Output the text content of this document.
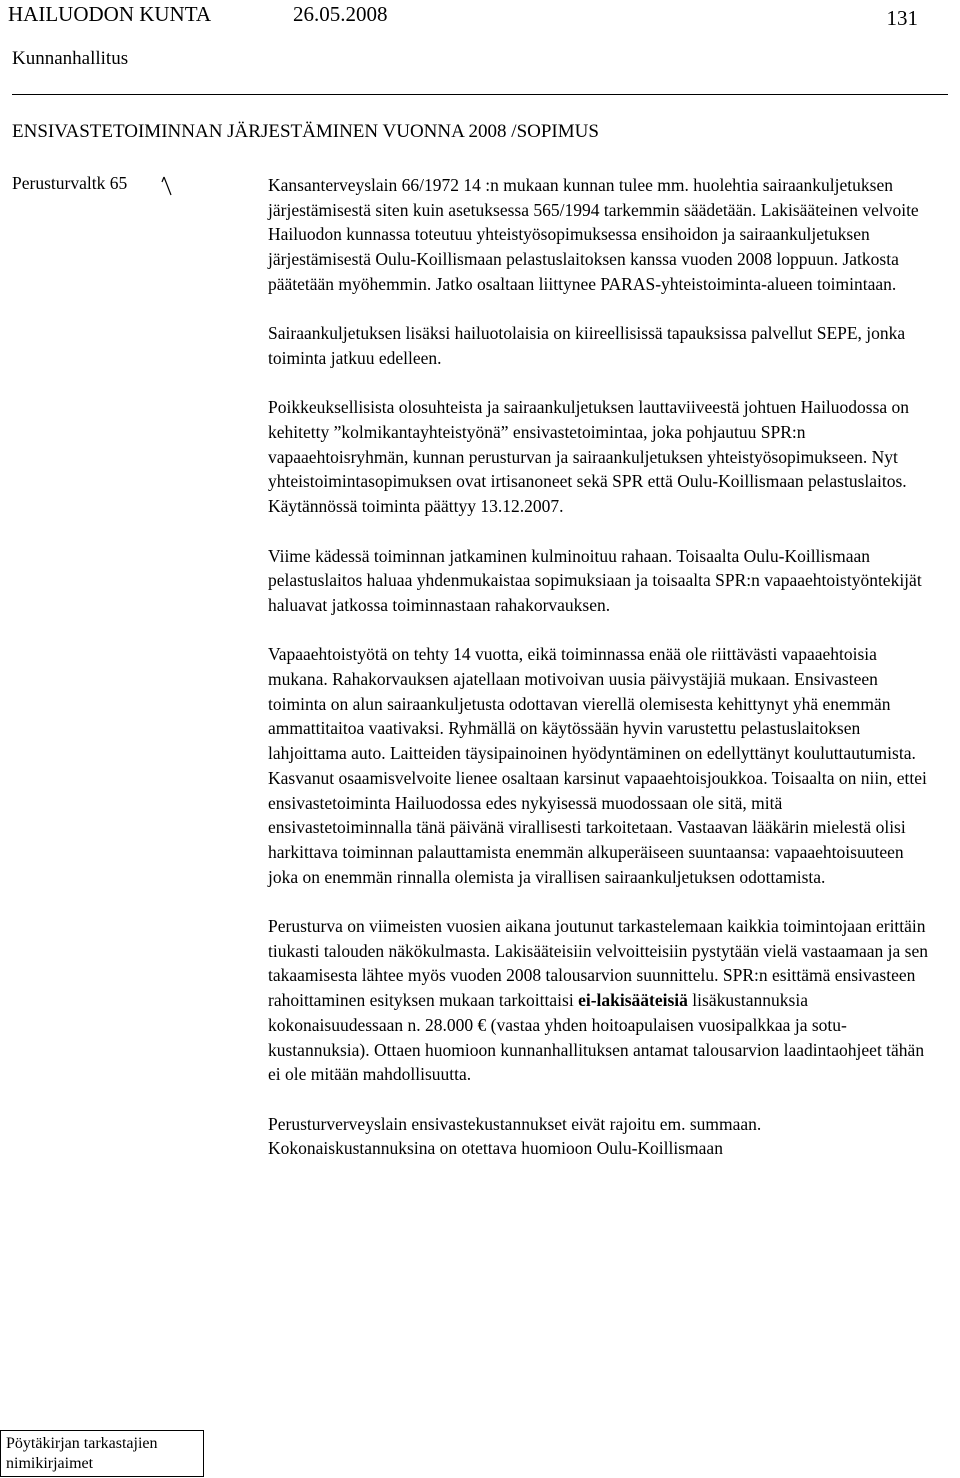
HAILUODON KUNTA	26.05.2008	131
Kunnanhallitus
ENSIVASTETOIMINNAN JÄRJESTÄMINEN VUONNA 2008 /SOPIMUS
Perusturvaltk 65	Kansanterveyslain 66/1972 14 :n mukaan kunnan tulee mm. huolehtia sairaankuljetuksen järjestämisestä siten kuin asetuksessa 565/1994 tarkemmin säädetään. Lakisääteinen velvoite Hailuodon kunnassa toteutuu yhteistyösopimuksessa ensihoidon ja sairaankuljetuksen järjestämisestä Oulu-Koillismaan pelastuslaitoksen kanssa vuoden 2008 loppuun. Jatkosta päätetään myöhemmin. Jatko osaltaan liittynee PARAS-yhteistoiminta-alueen toimintaan.

Sairaankuljetuksen lisäksi hailuotolaisia on kiireellisissä tapauksissa palvellut SEPE, jonka toiminta jatkuu edelleen.

Poikkeuksellisista olosuhteista ja sairaankuljetuksen lauttaviiveestä johtuen Hailuodossa on kehitetty ”kolmikantayhteistyönä” ensivastetoimintaa, joka pohjautuu SPR:n vapaaehtoisryhmän, kunnan perusturvan ja sairaankuljetuksen yhteistyösopimukseen. Nyt yhteistoimintasopimuksen ovat irtisanoneet sekä SPR että Oulu-Koillismaan pelastuslaitos. Käytännössä toiminta päättyy 13.12.2007.

Viime kädessä toiminnan jatkaminen kulminoituu rahaan. Toisaalta Oulu-Koillismaan pelastuslaitos haluaa yhdenmukaistaa sopimuksiaan ja toisaalta SPR:n vapaaehtoistyöntekijät haluavat jatkossa toiminnastaan rahakorvauksen.

Vapaaehtoistyötä on tehty 14 vuotta, eikä toiminnassa enää ole riittävästi vapaaehtoisia mukana. Rahakorvauksen ajatellaan motivoivan uusia päivystäjiä mukaan. Ensivasteen toiminta on alun sairaankuljetusta odottavan vierellä olemisesta kehittynyt yhä enemmän ammattitaitoa vaativaksi. Ryhmällä on käytössään hyvin varustettu pelastuslaitoksen lahjoittama auto. Laitteiden täysipainoinen hyödyntäminen on edellyttänyt kouluttautumista. Kasvanut osaamisvelvoite lienee osaltaan karsinut vapaaehtoisjoukkoa. Toisaalta on niin, ettei ensivastetoiminta Hailuodossa edes nykyisessä muodossaan ole sitä, mitä ensivastetoiminnalla tänä päivänä virallisesti tarkoitetaan. Vastaavan lääkärin mielestä olisi harkittava toiminnan palauttamista enemmän alkuperäiseen suuntaansa: vapaaehtoisuuteen joka on enemmän rinnalla olemista ja virallisen sairaankuljetuksen odottamista.

Perusturva on viimeisten vuosien aikana joutunut tarkastelemaan kaikkia toimintojaan erittäin tiukasti talouden näkökulmasta. Lakisääteisiin velvoitteisiin pystytään vielä vastaamaan ja sen takaamisesta lähtee myös vuoden 2008 talousarvion suunnittelu. SPR:n esittämä ensivasteen rahoittaminen esityksen mukaan tarkoittaisi ei-lakisääteisiä lisäkustannuksia kokonaisuudessaan n. 28.000 € (vastaa yhden hoitoapulaisen vuosipalkkaa ja sotu-kustannuksia). Ottaen huomioon kunnanhallituksen antamat talousarvion laadintaohjeet tähän ei ole mitään mahdollisuutta.

Perusturverveyslain ensivastekustannukset eivät rajoitu em. summaan. Kokonaiskustannuksina on otettava huomioon Oulu-Koillismaan

Pöytäkirjan tarkastajien
nimikirjaimet
